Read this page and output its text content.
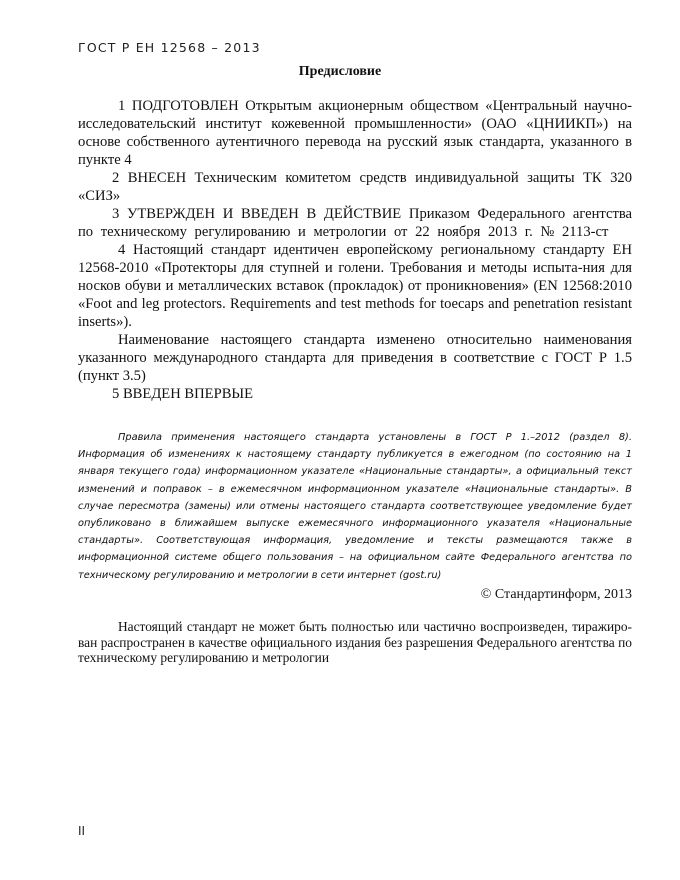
ГОСТ Р ЕН 12568 – 2013
Предисловие

1 ПОДГОТОВЛЕН Открытым акционерным обществом «Центральный научно-исследовательский институт кожевенной промышленности» (ОАО «ЦНИИКП») на основе собственного аутентичного перевода на русский язык стандарта, указанного в пункте 4

2 ВНЕСЕН Техническим комитетом средств индивидуальной защиты ТК 320 «СИЗ»

3 УТВЕРЖДЕН И ВВЕДЕН В ДЕЙСТВИЕ Приказом Федерального агентства по техническому регулированию и метрологии от 22 ноября 2013 г. № 2113-ст

4 Настоящий стандарт идентичен европейскому региональному стандарту ЕН 12568-2010 «Протекторы для ступней и голени. Требования и методы испыта-ния для носков обуви и металлических вставок (прокладок) от проникновения» (EN 12568:2010 «Foot and leg protectors. Requirements and test methods for toecaps and penetration resistant inserts»).

Наименование настоящего стандарта изменено относительно наименования указанного международного стандарта для приведения в соответствие с ГОСТ Р 1.5 (пункт 3.5)

5 ВВЕДЕН ВПЕРВЫЕ

Правила применения настоящего стандарта установлены в ГОСТ Р 1.–2012 (раздел 8). Информация об изменениях к настоящему стандарту публикуется в ежегодном (по состоянию на 1 января текущего года) информационном указателе «Национальные стандарты», а официальный текст изменений и поправок – в ежемесячном информационном указателе «Национальные стандарты». В случае пересмотра (замены) или отмены настоящего стандарта соответствующее уведомление будет опубликовано в ближайшем выпуске ежемесячного информационного указателя «Национальные стандарты». Соответствующая информация, уведомление и тексты размещаются также в информационной системе общего пользования – на официальном сайте Федерального агентства по техническому регулированию и метрологии в сети интернет (gost.ru)

© Стандартинформ, 2013

Настоящий стандарт не может быть полностью или частично воспроизведен, тиражиро-ван распространен в качестве официального издания без разрешения Федерального агентства по техническому регулированию и метрологии

II
